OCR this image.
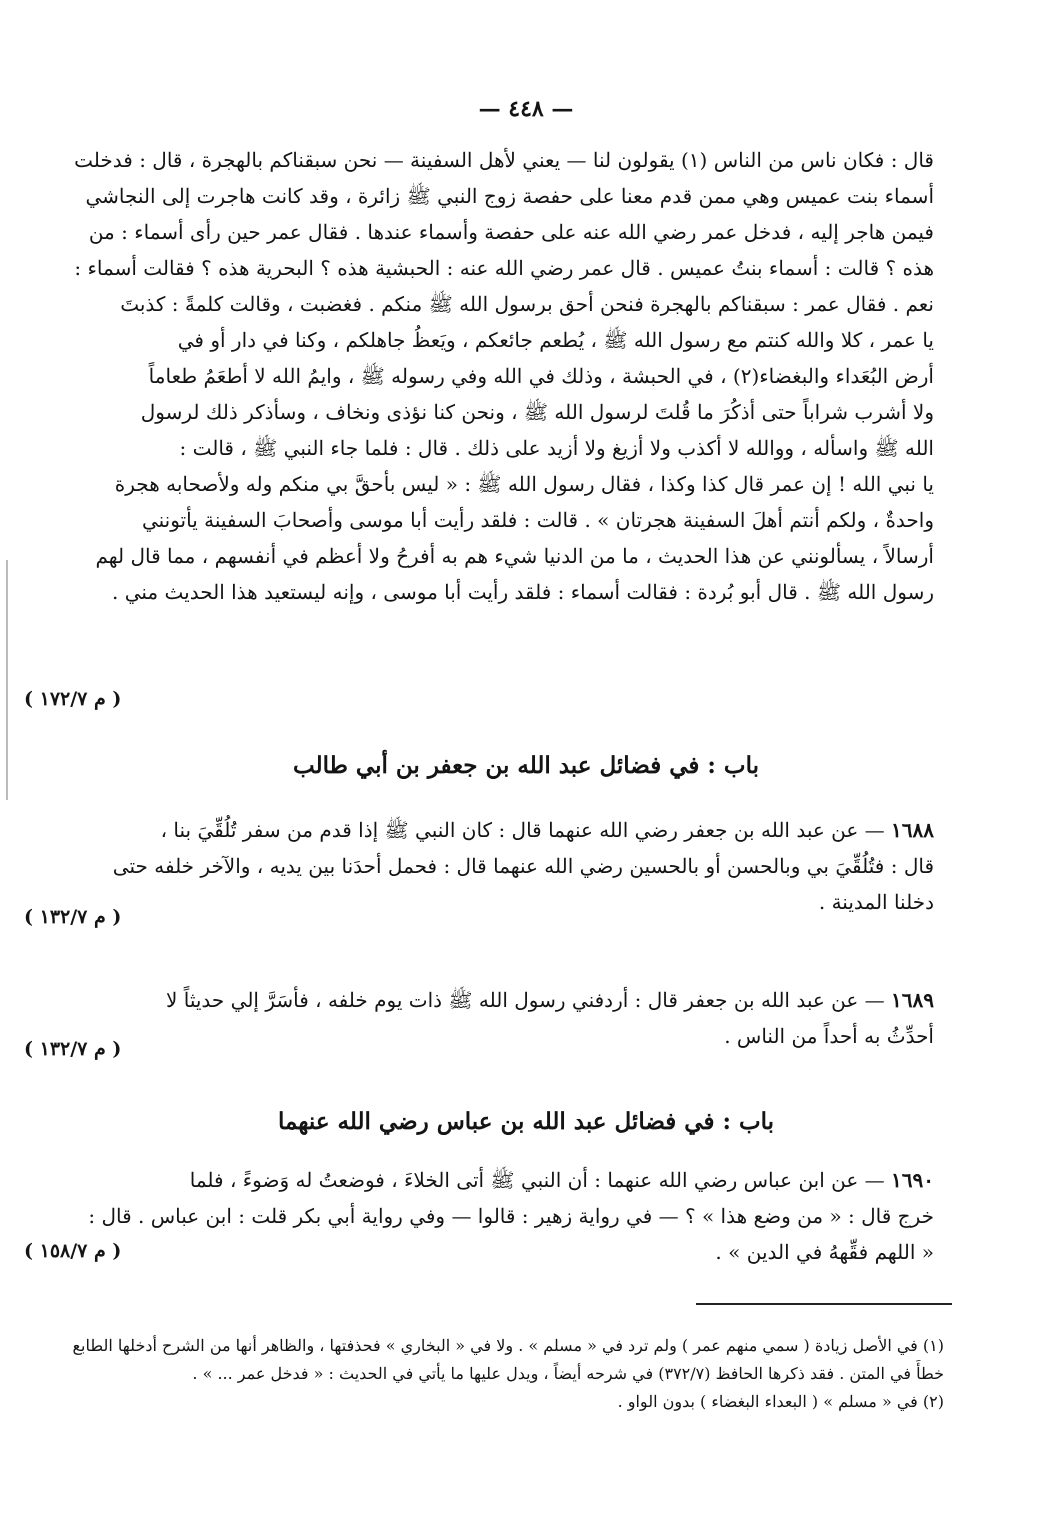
— ٤٤٨ —
قال : فكان ناس من الناس (١) يقولون لنا — يعني لأهل السفينة — نحن سبقناكم بالهجرة ، قال : فدخلت
أسماء بنت عميس وهي ممن قدم معنا على حفصة زوج النبي ﷺ زائرة ، وقد كانت هاجرت إلى النجاشي
فيمن هاجر إليه ، فدخل عمر رضي الله عنه على حفصة وأسماء عندها . فقال عمر حين رأى أسماء : من
هذه ؟ قالت : أسماء بنتُ عميس . قال عمر رضي الله عنه : الحبشية هذه ؟ البحرية هذه ؟ فقالت أسماء :
نعم . فقال عمر : سبقناكم بالهجرة فنحن أحق برسول الله ﷺ منكم . فغضبت ، وقالت كلمةً : كذبتَ
يا عمر ، كلا والله كنتم مع رسول الله ﷺ ، يُطعم جائعكم ، ويَعظُ جاهلكم ، وكنا في دار أو في
أرض البُعَداء والبغضاء(٢) ، في الحبشة ، وذلك في الله وفي رسوله ﷺ ، وايمُ الله لا أطعَمُ طعاماً
ولا أشرب شراباً حتى أذكُرَ ما قُلتَ لرسول الله ﷺ ، ونحن كنا نؤذى ونخاف ، وسأذكر ذلك لرسول
الله ﷺ واسأله ، ووالله لا أكذب ولا أزيغ ولا أزيد على ذلك . قال : فلما جاء النبي ﷺ ، قالت :
يا نبي الله ! إن عمر قال كذا وكذا ، فقال رسول الله ﷺ : « ليس بأحقَّ بي منكم وله ولأصحابه هجرة
واحدةٌ ، ولكم أنتم أهلَ السفينة هجرتان » . قالت : فلقد رأيت أبا موسى وأصحابَ السفينة يأتونني
أرسالاً ، يسألونني عن هذا الحديث ، ما من الدنيا شيء هم به أفرحُ ولا أعظم في أنفسهم ، مما قال لهم
رسول الله ﷺ . قال أبو بُردة : فقالت أسماء : فلقد رأيت أبا موسى ، وإنه ليستعيد هذا الحديث مني .
( م ١٧٢/٧ )
باب : في فضائل عبد الله بن جعفر بن أبي طالب
١٦٨٨ — عن عبد الله بن جعفر رضي الله عنهما قال : كان النبي ﷺ إذا قدم من سفر تُلُقِّيَ بنا ،
قال : فتُلُقِّيَ بي وبالحسن أو بالحسين رضي الله عنهما قال : فحمل أحدَنا بين يديه ، والآخر خلفه حتى
دخلنا المدينة .
( م ١٣٢/٧ )
١٦٨٩ — عن عبد الله بن جعفر قال : أردفني رسول الله ﷺ ذات يوم خلفه ، فأسَرَّ إلي حديثاً لا
أحدِّثُ به أحداً من الناس .
( م ١٣٢/٧ )
باب : في فضائل عبد الله بن عباس رضي الله عنهما
١٦٩٠ — عن ابن عباس رضي الله عنهما : أن النبي ﷺ أتى الخلاءَ ، فوضعتُ له وَضوءً ، فلما
خرج قال : « من وضع هذا » ؟ — في رواية زهير : قالوا — وفي رواية أبي بكر قلت : ابن عباس . قال :
« اللهم فقِّههُ في الدين » .
( م ١٥٨/٧ )
(١) في الأصل زيادة ( سمي منهم عمر ) ولم ترد في « مسلم » . ولا في « البخاري » فحذفتها ، والظاهر أنها من الشرح أدخلها الطابع
خطأً في المتن . فقد ذكرها الحافظ (٣٧٢/٧) في شرحه أيضاً ، ويدل عليها ما يأتي في الحديث : « فدخل عمر ... » .
(٢) في « مسلم » ( البعداء البغضاء ) بدون الواو .
